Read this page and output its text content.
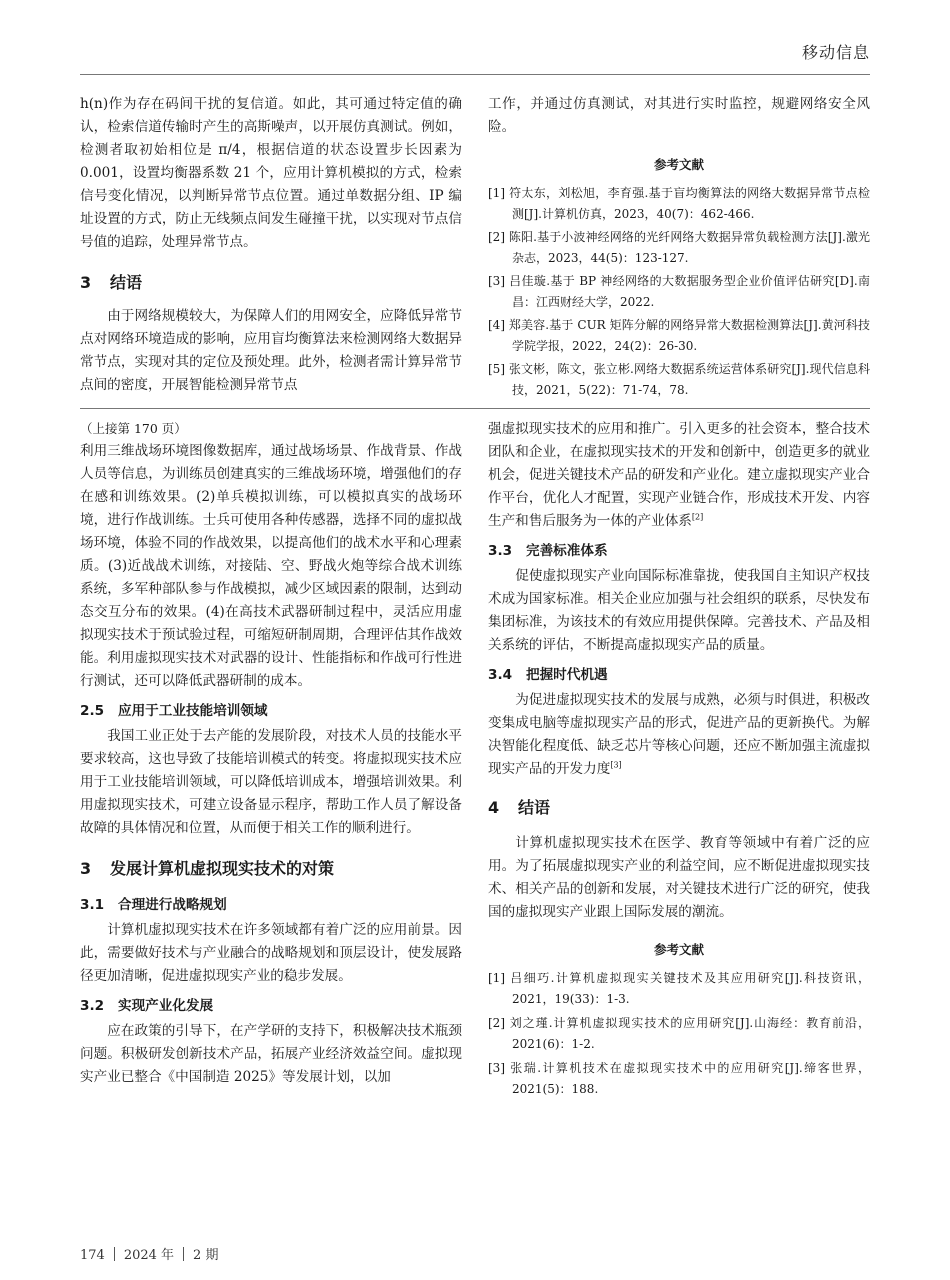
移动信息

h(n)作为存在码间干扰的复信道。如此，其可通过特定值的确认，检索信道传输时产生的高斯噪声，以开展仿真测试。例如，检测者取初始相位是 π/4，根据信道的状态设置步长因素为 0.001，设置均衡器系数 21 个，应用计算机模拟的方式，检索信号变化情况，以判断异常节点位置。通过单数据分组、IP 编址设置的方式，防止无线频点间发生碰撞干扰，以实现对节点信号值的追踪，处理异常节点。

3 结语

由于网络规模较大，为保障人们的用网安全，应降低异常节点对网络环境造成的影响，应用盲均衡算法来检测网络大数据异常节点，实现对其的定位及预处理。此外，检测者需计算异常节点间的密度，开展智能检测异常节点

工作，并通过仿真测试，对其进行实时监控，规避网络安全风险。

参考文献

[1] 符太东，刘松旭，李育强.基于盲均衡算法的网络大数据异常节点检测[J].计算机仿真，2023，40(7)：462-466.

[2] 陈阳.基于小波神经网络的光纤网络大数据异常负载检测方法[J].激光杂志，2023，44(5)：123-127.

[3] 吕佳璇.基于 BP 神经网络的大数据服务型企业价值评估研究[D].南昌：江西财经大学，2022.

[4] 郑美容.基于 CUR 矩阵分解的网络异常大数据检测算法[J].黄河科技学院学报，2022，24(2)：26-30.

[5] 张文彬，陈文，张立彬.网络大数据系统运营体系研究[J].现代信息科技，2021，5(22)：71-74，78.

（上接第 170 页）

利用三维战场环境图像数据库，通过战场场景、作战背景、作战人员等信息，为训练员创建真实的三维战场环境，增强他们的存在感和训练效果。(2)单兵模拟训练，可以模拟真实的战场环境，进行作战训练。士兵可使用各种传感器，选择不同的虚拟战场环境，体验不同的作战效果，以提高他们的战术水平和心理素质。(3)近战战术训练，对接陆、空、野战火炮等综合战术训练系统，多军种部队参与作战模拟，减少区域因素的限制，达到动态交互分布的效果。(4)在高技术武器研制过程中，灵活应用虚拟现实技术于预试验过程，可缩短研制周期，合理评估其作战效能。利用虚拟现实技术对武器的设计、性能指标和作战可行性进行测试，还可以降低武器研制的成本。

2.5 应用于工业技能培训领域

我国工业正处于去产能的发展阶段，对技术人员的技能水平要求较高，这也导致了技能培训模式的转变。将虚拟现实技术应用于工业技能培训领域，可以降低培训成本，增强培训效果。利用虚拟现实技术，可建立设备显示程序，帮助工作人员了解设备故障的具体情况和位置，从而便于相关工作的顺利进行。

3 发展计算机虚拟现实技术的对策

3.1 合理进行战略规划

计算机虚拟现实技术在许多领域都有着广泛的应用前景。因此，需要做好技术与产业融合的战略规划和顶层设计，使发展路径更加清晰，促进虚拟现实产业的稳步发展。

3.2 实现产业化发展

应在政策的引导下，在产学研的支持下，积极解决技术瓶颈问题。积极研发创新技术产品，拓展产业经济效益空间。虚拟现实产业已整合《中国制造 2025》等发展计划，以加

强虚拟现实技术的应用和推广。引入更多的社会资本，整合技术团队和企业，在虚拟现实技术的开发和创新中，创造更多的就业机会，促进关键技术产品的研发和产业化。建立虚拟现实产业合作平台，优化人才配置，实现产业链合作，形成技术开发、内容生产和售后服务为一体的产业体系[2]

3.3 完善标准体系

促使虚拟现实产业向国际标准靠拢，使我国自主知识产权技术成为国家标准。相关企业应加强与社会组织的联系，尽快发布集团标准，为该技术的有效应用提供保障。完善技术、产品及相关系统的评估，不断提高虚拟现实产品的质量。

3.4 把握时代机遇

为促进虚拟现实技术的发展与成熟，必须与时俱进，积极改变集成电脑等虚拟现实产品的形式，促进产品的更新换代。为解决智能化程度低、缺乏芯片等核心问题，还应不断加强主流虚拟现实产品的开发力度[3]

4 结语

计算机虚拟现实技术在医学、教育等领域中有着广泛的应用。为了拓展虚拟现实产业的利益空间，应不断促进虚拟现实技术、相关产品的创新和发展，对关键技术进行广泛的研究，使我国的虚拟现实产业跟上国际发展的潮流。

参考文献

[1] 吕细巧.计算机虚拟现实关键技术及其应用研究[J].科技资讯，2021，19(33)：1-3.

[2] 刘之瑾.计算机虚拟现实技术的应用研究[J].山海经：教育前沿，2021(6)：1-2.

[3] 张瑞.计算机技术在虚拟现实技术中的应用研究[J].缔客世界，2021(5)：188.

174 2024 年 2 期
